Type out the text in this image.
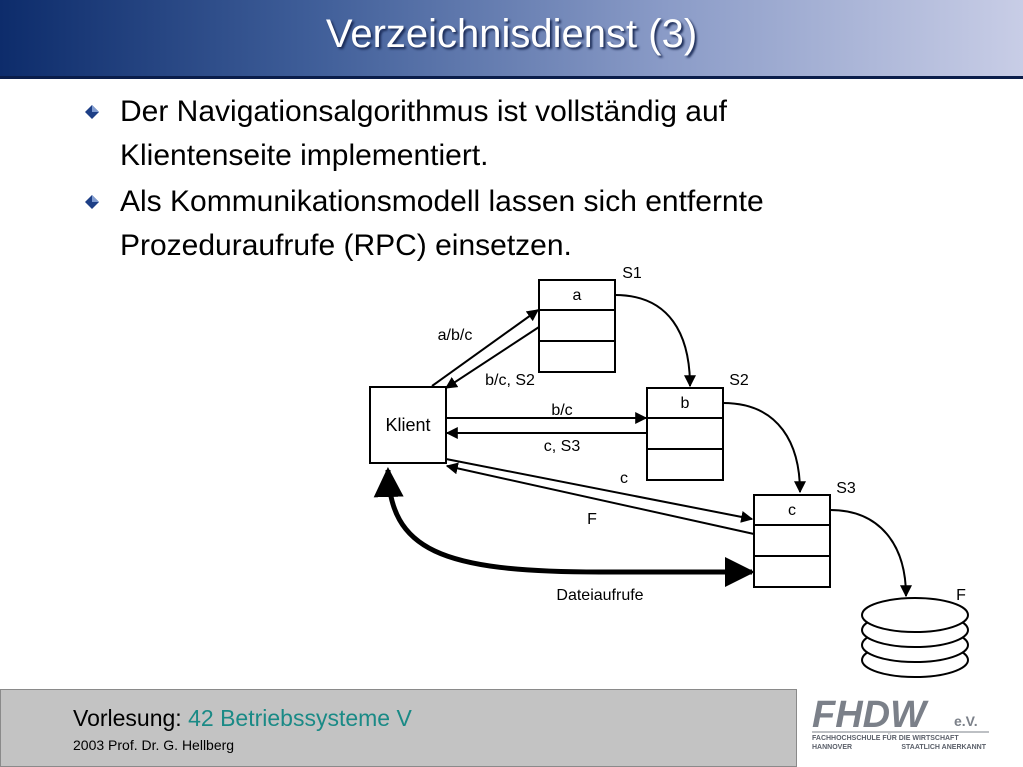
Verzeichnisdienst (3)
Der Navigationsalgorithmus ist vollständig auf
Klientenseite implementiert.
Als Kommunikationsmodell lassen sich entfernte
Prozeduraufrufe (RPC) einsetzen.
Klient
a
S1
b
S2
c
S3
F
a/b/c
b/c, S2
b/c
c, S3
c
F
Dateiaufrufe
Vorlesung: 42 Betriebssysteme V
2003 Prof. Dr. G. Hellberg
FHDW e.V.
FACHHOCHSCHULE FÜR DIE WIRTSCHAFT
HANNOVER	STAATLICH ANERKANNT
